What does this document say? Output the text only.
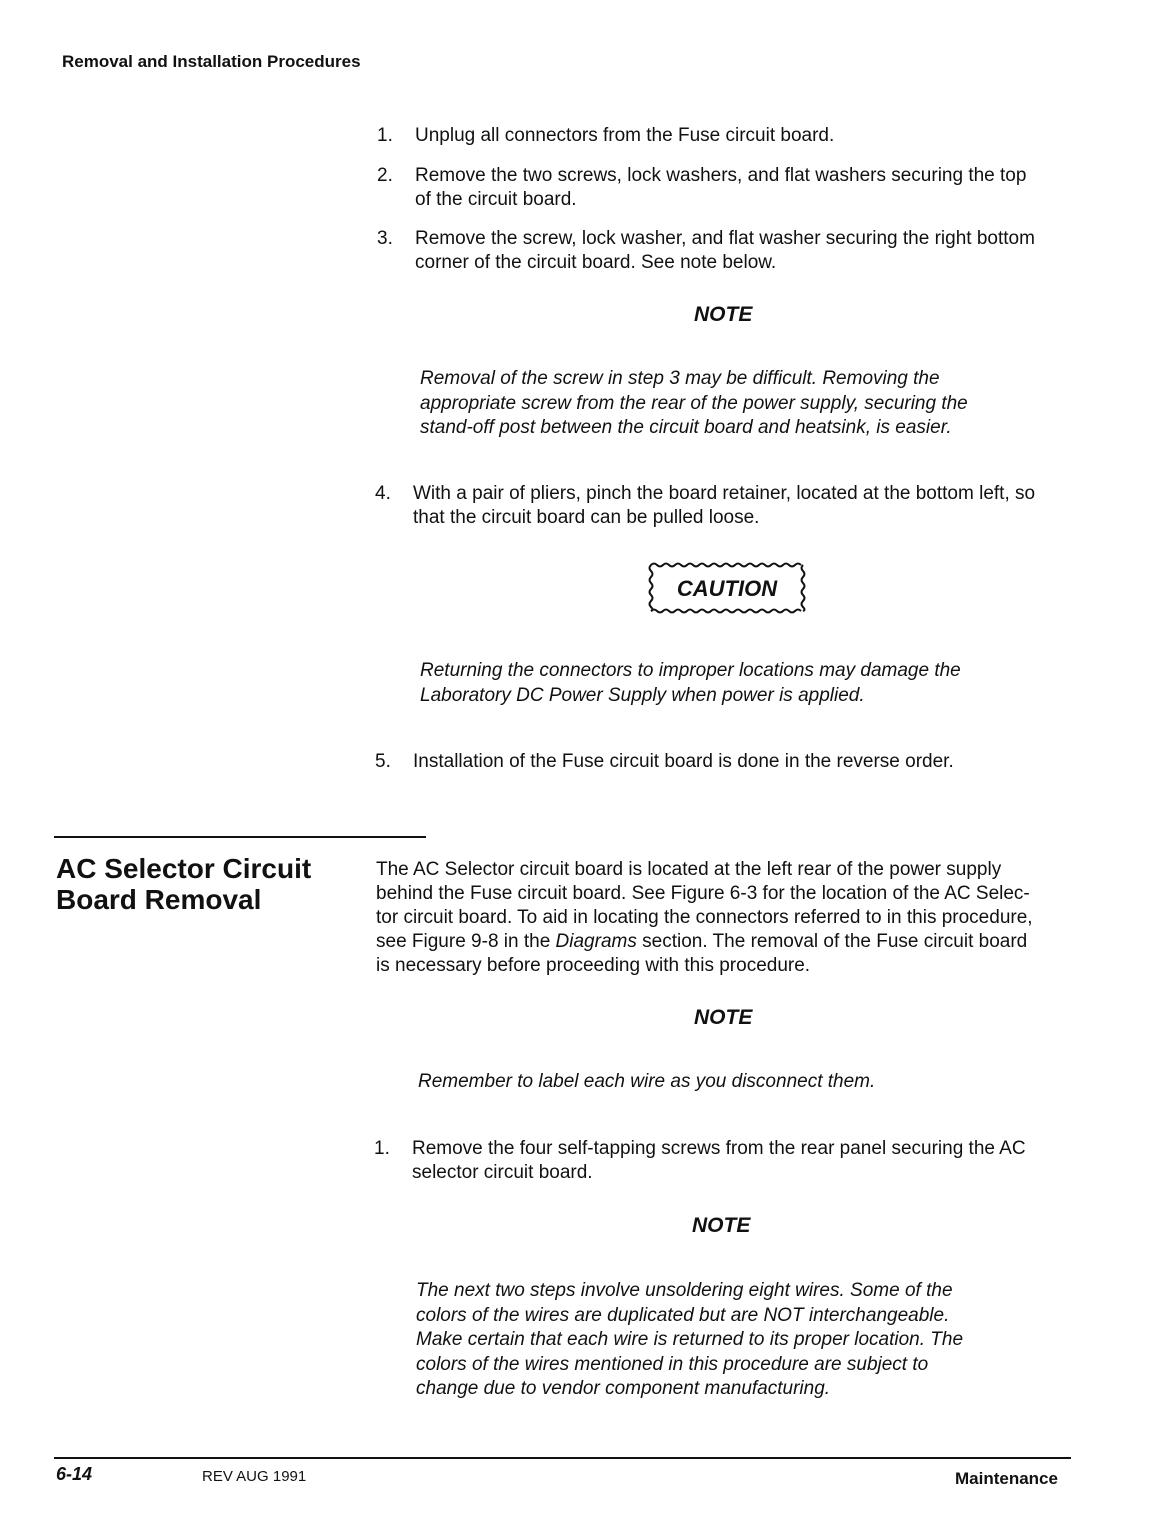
Removal and Installation Procedures
1. Unplug all connectors from the Fuse circuit board.
2. Remove the two screws, lock washers, and flat washers securing the top
of the circuit board.
3. Remove the screw, lock washer, and flat washer securing the right bottom
corner of the circuit board. See note below.
NOTE
Removal of the screw in step 3 may be difficult. Removing the
appropriate screw from the rear of the power supply, securing the
stand-off post between the circuit board and heatsink, is easier.
4. With a pair of pliers, pinch the board retainer, located at the bottom left, so
that the circuit board can be pulled loose.
CAUTION
Returning the connectors to improper locations may damage the
Laboratory DC Power Supply when power is applied.
5. Installation of the Fuse circuit board is done in the reverse order.
AC Selector Circuit
Board Removal
The AC Selector circuit board is located at the left rear of the power supply
behind the Fuse circuit board. See Figure 6-3 for the location of the AC Selec-
tor circuit board. To aid in locating the connectors referred to in this procedure,
see Figure 9-8 in the Diagrams section. The removal of the Fuse circuit board
is necessary before proceeding with this procedure.
NOTE
Remember to label each wire as you disconnect them.
1. Remove the four self-tapping screws from the rear panel securing the AC
selector circuit board.
NOTE
The next two steps involve unsoldering eight wires. Some of the
colors of the wires are duplicated but are NOT interchangeable.
Make certain that each wire is returned to its proper location. The
colors of the wires mentioned in this procedure are subject to
change due to vendor component manufacturing.
6-14	REV AUG 1991	Maintenance
